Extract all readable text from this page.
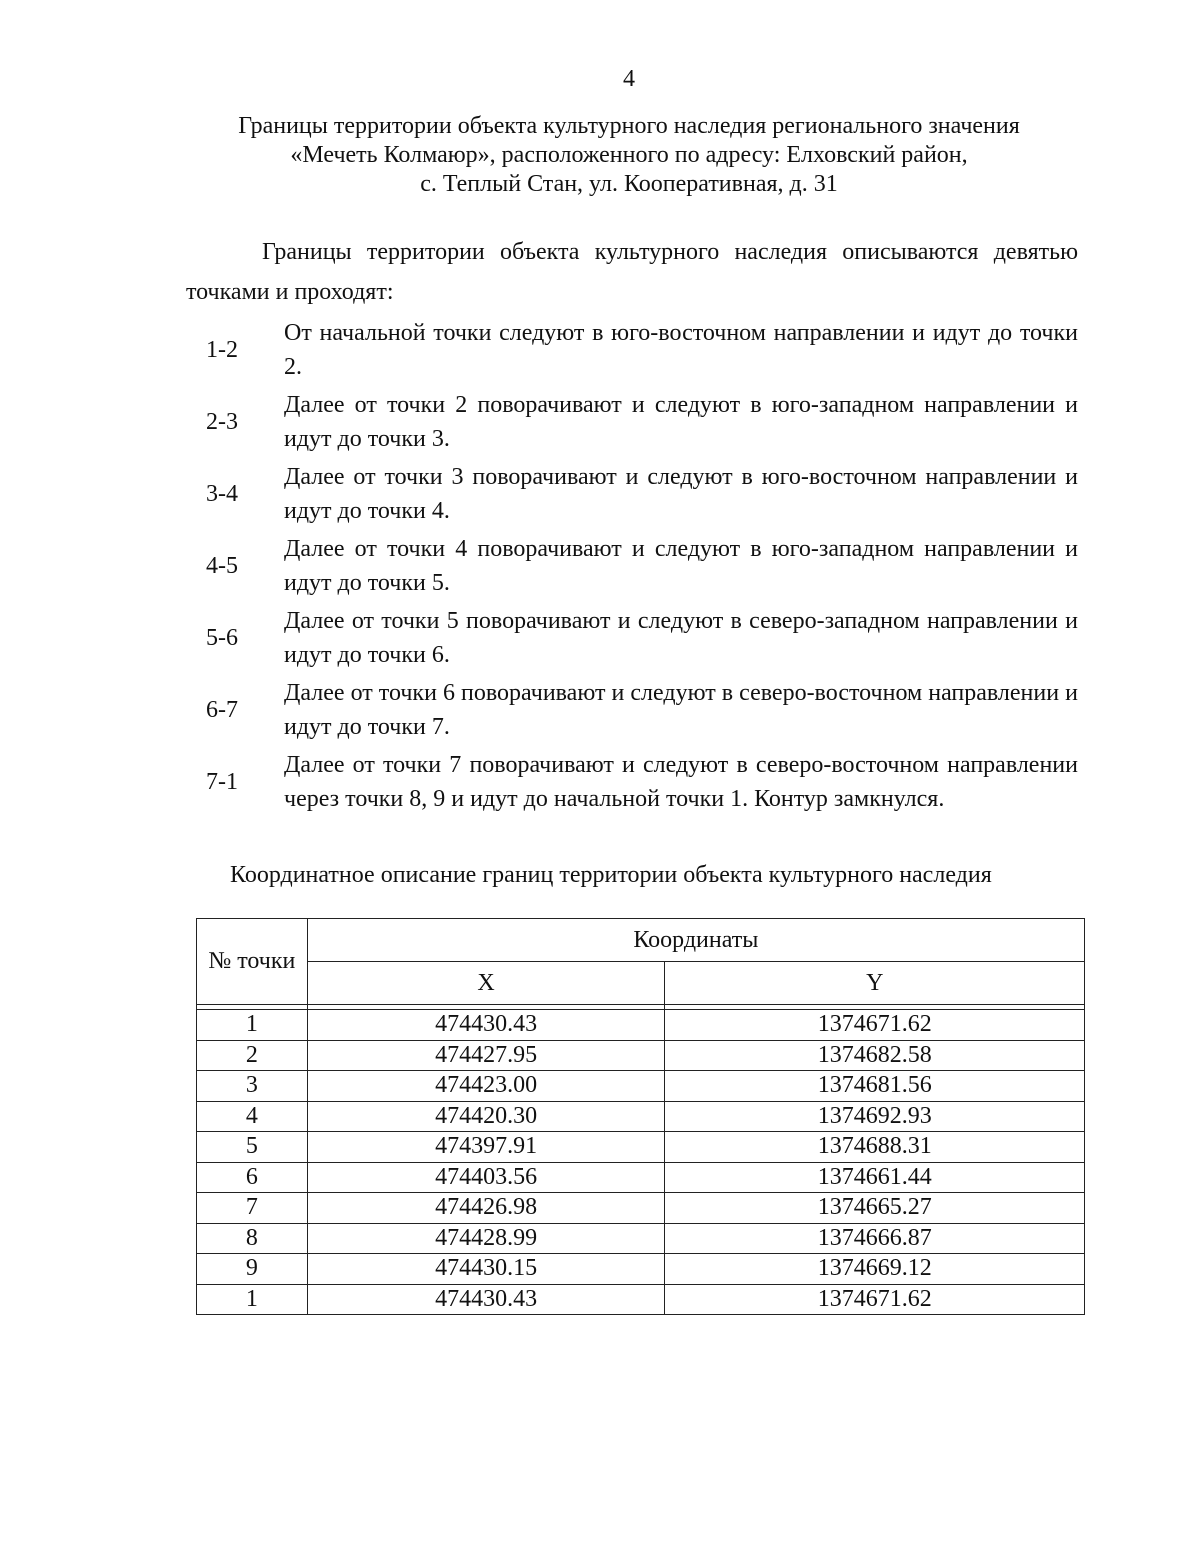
4
Границы территории объекта культурного наследия регионального значения
«Мечеть Колмаюр», расположенного по адресу: Елховский район,
с. Теплый Стан, ул. Кооперативная, д. 31
Границы территории объекта культурного наследия описываются девятью точками и проходят:
1-2
От начальной точки следуют в юго-восточном направлении и идут до точки 2.
2-3
Далее от точки 2 поворачивают и следуют в юго-западном направлении и идут до точки 3.
3-4
Далее от точки 3 поворачивают и следуют в юго-восточном направлении и идут до точки 4.
4-5
Далее от точки 4 поворачивают и следуют в юго-западном направлении и идут до точки 5.
5-6
Далее от точки 5 поворачивают и следуют в северо-западном направлении и идут до точки 6.
6-7
Далее от точки 6 поворачивают и следуют в северо-восточном направлении и идут до точки 7.
7-1
Далее от точки 7 поворачивают и следуют в северо-восточном направлении через точки 8, 9 и идут до начальной точки 1. Контур замкнулся.
Координатное описание границ территории объекта культурного наследия
№ точки	Координаты	
	X	Y

1	474430.43	1374671.62
2	474427.95	1374682.58
3	474423.00	1374681.56
4	474420.30	1374692.93
5	474397.91	1374688.31
6	474403.56	1374661.44
7	474426.98	1374665.27
8	474428.99	1374666.87
9	474430.15	1374669.12
1	474430.43	1374671.62
